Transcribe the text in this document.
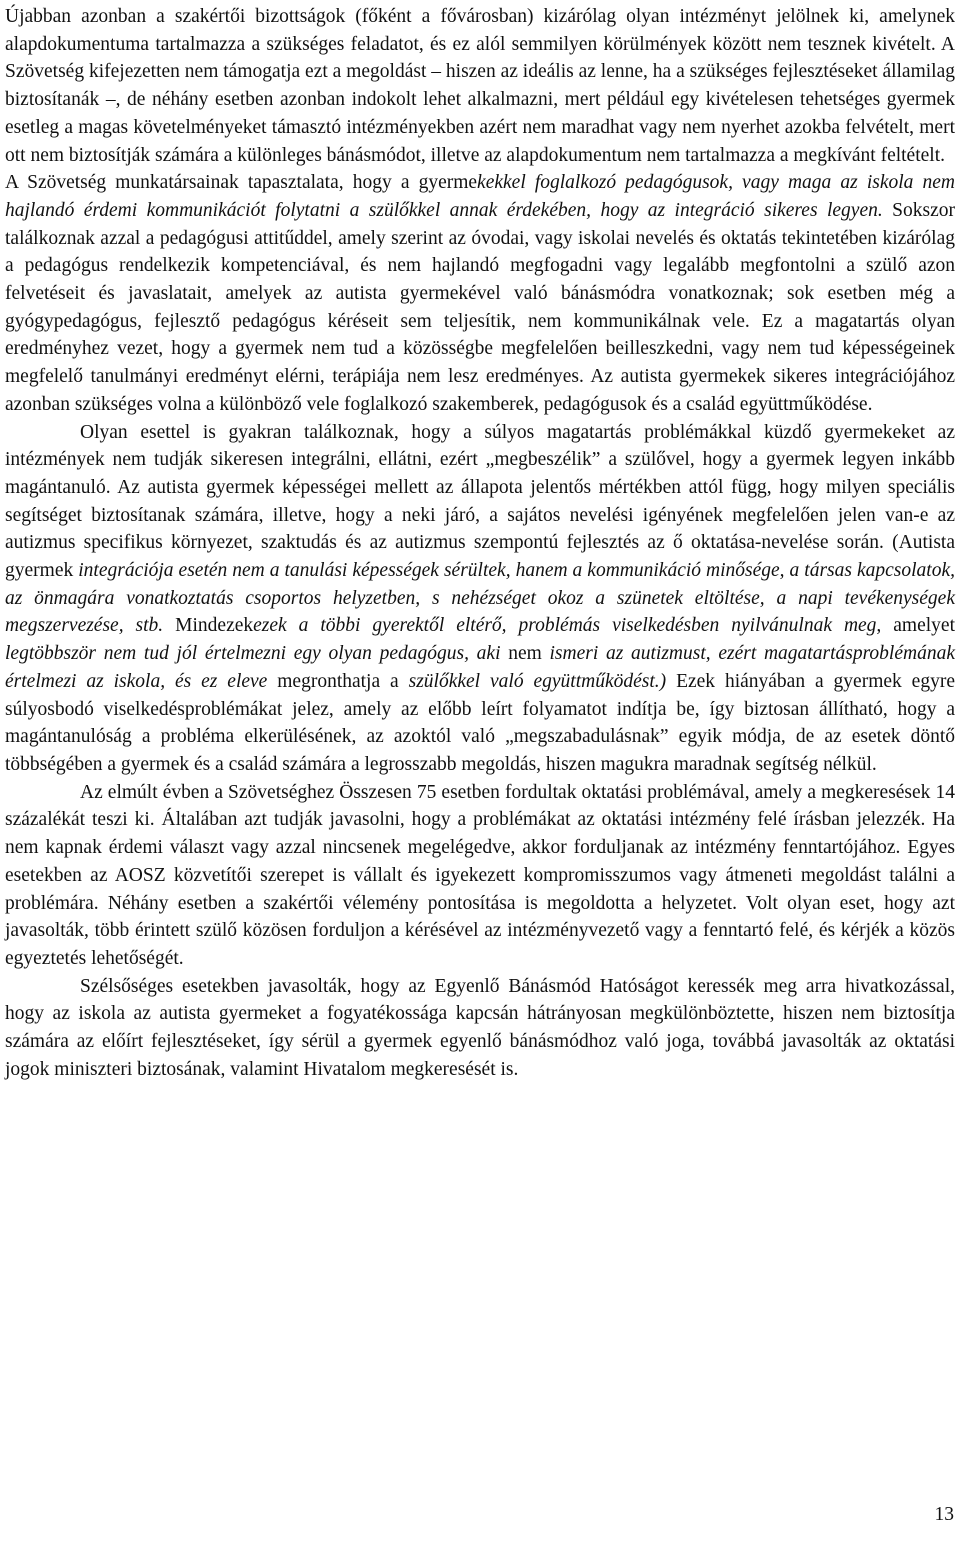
Újabban azonban a szakértői bizottságok (főként a fővárosban) kizárólag olyan intézményt jelölnek ki, amelynek alapdokumentuma tartalmazza a szükséges feladatot, és ez alól semmilyen körülmények között nem tesznek kivételt. A Szövetség kifejezetten nem támogatja ezt a megoldást – hiszen az ideális az lenne, ha a szükséges fejlesztéseket államilag biztosítanák –, de néhány esetben azonban indokolt lehet alkalmazni, mert például egy kivételesen tehetséges gyermek esetleg a magas követelményeket támasztó intézményekben azért nem maradhat vagy nem nyerhet azokba felvételt, mert ott nem biztosítják számára a különleges bánásmódot, illetve az alapdokumentum nem tartalmazza a megkívánt feltételt.

A Szövetség munkatársainak tapasztalata, hogy a gyermekekkel foglalkozó pedagógusok, vagy maga az iskola nem hajlandó érdemi kommunikációt folytatni a szülőkkel annak érdekében, hogy az integráció sikeres legyen. Sokszor találkoznak azzal a pedagógusi attitűddel, amely szerint az óvodai, vagy iskolai nevelés és oktatás tekintetében kizárólag a pedagógus rendelkezik kompetenciával, és nem hajlandó megfogadni vagy legalább megfontolni a szülő azon felvetéseit és javaslatait, amelyek az autista gyermekével való bánásmódra vonatkoznak; sok esetben még a gyógypedagógus, fejlesztő pedagógus kéréseit sem teljesítik, nem kommunikálnak vele. Ez a magatartás olyan eredményhez vezet, hogy a gyermek nem tud a közösségbe megfelelően beilleszkedni, vagy nem tud képességeinek megfelelő tanulmányi eredményt elérni, terápiája nem lesz eredményes. Az autista gyermekek sikeres integrációjához azonban szükséges volna a különböző vele foglalkozó szakemberek, pedagógusok és a család együttműködése.

Olyan esettel is gyakran találkoznak, hogy a súlyos magatartás problémákkal küzdő gyermekeket az intézmények nem tudják sikeresen integrálni, ellátni, ezért „megbeszélik” a szülővel, hogy a gyermek legyen inkább magántanuló. Az autista gyermek képességei mellett az állapota jelentős mértékben attól függ, hogy milyen speciális segítséget biztosítanak számára, illetve, hogy a neki járó, a sajátos nevelési igényének megfelelően jelen van-e az autizmus specifikus környezet, szaktudás és az autizmus szempontú fejlesztés az ő oktatása-nevelése során. (Autista gyermek integrációja esetén nem a tanulási képességek sérültek, hanem a kommunikáció minősége, a társas kapcsolatok, az önmagára vonatkoztatás csoportos helyzetben, s nehézséget okoz a szünetek eltöltése, a napi tevékenységek megszervezése, stb. Mindezekezek a többi gyerektől eltérő, problémás viselkedésben nyilvánulnak meg, amelyet legtöbbször nem tud jól értelmezni egy olyan pedagógus, aki nem ismeri az autizmust, ezért magatartásproblémának értelmezi az iskola, és ez eleve megronthatja a szülőkkel való együttműködést.) Ezek hiányában a gyermek egyre súlyosbodó viselkedésproblémákat jelez, amely az előbb leírt folyamatot indítja be, így biztosan állítható, hogy a magántanulóság a probléma elkerülésének, az azoktól való „megszabadulásnak” egyik módja, de az esetek döntő többségében a gyermek és a család számára a legrosszabb megoldás, hiszen magukra maradnak segítség nélkül.

Az elmúlt évben a Szövetséghez Összesen 75 esetben fordultak oktatási problémával, amely a megkeresések 14 százalékát teszi ki. Általában azt tudják javasolni, hogy a problémákat az oktatási intézmény felé írásban jelezzék. Ha nem kapnak érdemi választ vagy azzal nincsenek megelégedve, akkor forduljanak az intézmény fenntartójához. Egyes esetekben az AOSZ közvetítői szerepet is vállalt és igyekezett kompromisszumos vagy átmeneti megoldást találni a problémára. Néhány esetben a szakértői vélemény pontosítása is megoldotta a helyzetet. Volt olyan eset, hogy azt javasolták, több érintett szülő közösen forduljon a kérésével az intézményvezető vagy a fenntartó felé, és kérjék a közös egyeztetés lehetőségét.

Szélsőséges esetekben javasolták, hogy az Egyenlő Bánásmód Hatóságot keressék meg arra hivatkozással, hogy az iskola az autista gyermeket a fogyatékossága kapcsán hátrányosan megkülönböztette, hiszen nem biztosítja számára az előírt fejlesztéseket, így sérül a gyermek egyenlő bánásmódhoz való joga, továbbá javasolták az oktatási jogok miniszteri biztosának, valamint Hivatalom megkeresését is.

13
